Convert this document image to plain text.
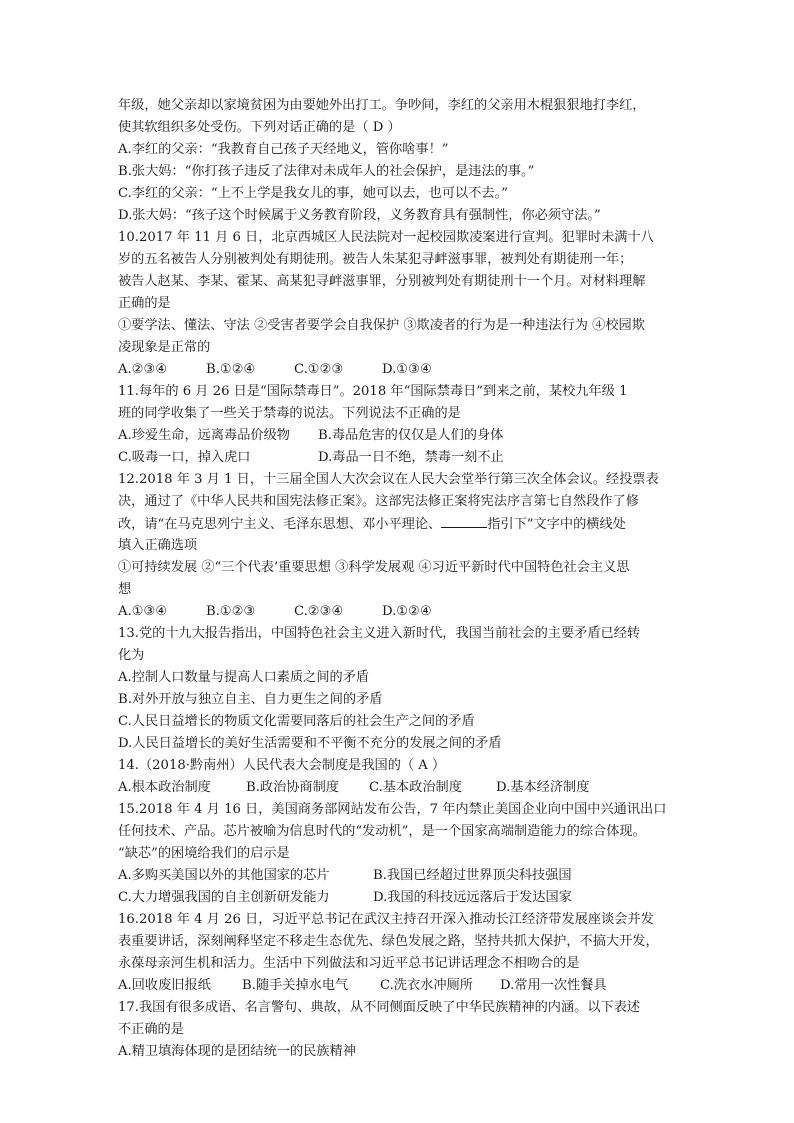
年级，她父亲却以家境贫困为由要她外出打工。争吵间，李红的父亲用木棍狠狠地打李红，
使其软组织多处受伤。下列对话正确的是（ D ）
A.李红的父亲：“我教育自己孩子天经地义，管你啥事！”
B.张大妈：“你打孩子违反了法律对未成年人的社会保护，是违法的事。”
C.李红的父亲：“上不上学是我女儿的事，她可以去，也可以不去。”
D.张大妈：“孩子这个时候属于义务教育阶段，义务教育具有强制性，你必须守法。”
10.2017 年 11 月 6 日，北京西城区人民法院对一起校园欺凌案进行宣判。犯罪时未满十八
岁的五名被告人分别被判处有期徒刑。被告人朱某犯寻衅滋事罪，被判处有期徒刑一年；
被告人赵某、李某、霍某、高某犯寻衅滋事罪，分别被判处有期徒刑十一个月。对材料理解
正确的是
①要学法、懂法、守法 ②受害者要学会自我保护 ③欺凌者的行为是一种违法行为 ④校园欺
凌现象是正常的
A.②③④	B.①②④	C.①②③	D.①③④
11.每年的 6 月 26 日是“国际禁毒日”。2018 年“国际禁毒日”到来之前，某校九年级 1
班的同学收集了一些关于禁毒的说法。下列说法不正确的是
A.珍爱生命，远离毒品价级物	B.毒品危害的仅仅是人们的身体
C.吸毒一口，掉入虎口	D.毒品一日不绝，禁毒一刻不止
12.2018 年 3 月 1 日，十三届全国人大次会议在人民大会堂举行第三次全体会议。经投票表
决，通过了《中华人民共和国宪法修正案》。这部宪法修正案将宪法序言第七自然段作了修
改，请“在马克思列宁主义、毛泽东思想、邓小平理论、	指引下”文字中的横线处
填入正确选项
①可持续发展 ②“三个代表’重要思想 ③科学发展观 ④习近平新时代中国特色社会主义思
想
A.①③④	B.①②③	C.②③④	D.①②④
13.党的十九大报告指出，中国特色社会主义进入新时代，我国当前社会的主要矛盾已经转
化为
A.控制人口数量与提高人口素质之间的矛盾
B.对外开放与独立自主、自力更生之间的矛盾
C.人民日益增长的物质文化需要同落后的社会生产之间的矛盾
D.人民日益增长的美好生活需要和不平衡不充分的发展之间的矛盾
14.（2018·黔南州）人民代表大会制度是我国的（ A ）
A.根本政治制度	B.政治协商制度	C.基本政治制度	D.基本经济制度
15.2018 年 4 月 16 日，美国商务部网站发布公告，7 年内禁止美国企业向中国中兴通讯出口
任何技术、产品。芯片被喻为信息时代的“发动机”，是一个国家高端制造能力的综合体现。
“缺芯”的困境给我们的启示是
A.多购买美国以外的其他国家的芯片	B.我国已经超过世界顶尖科技强国
C.大力增强我国的自主创新研发能力	D.我国的科技远远落后于发达国家
16.2018 年 4 月 26 日，习近平总书记在武汉主持召开深入推动长江经济带发展座谈会并发
表重要讲话，深刻阐释坚定不移走生态优先、绿色发展之路，坚持共抓大保护，不搞大开发，
永葆母亲河生机和活力。生活中下列做法和习近平总书记讲话理念不相吻合的是
A.回收废旧报纸	B.随手关掉水电气	C.洗衣水冲厕所	D.常用一次性餐具
17.我国有很多成语、名言警句、典故，从不同侧面反映了中华民族精神的内涵。以下表述
不正确的是
A.精卫填海体现的是团结统一的民族精神
